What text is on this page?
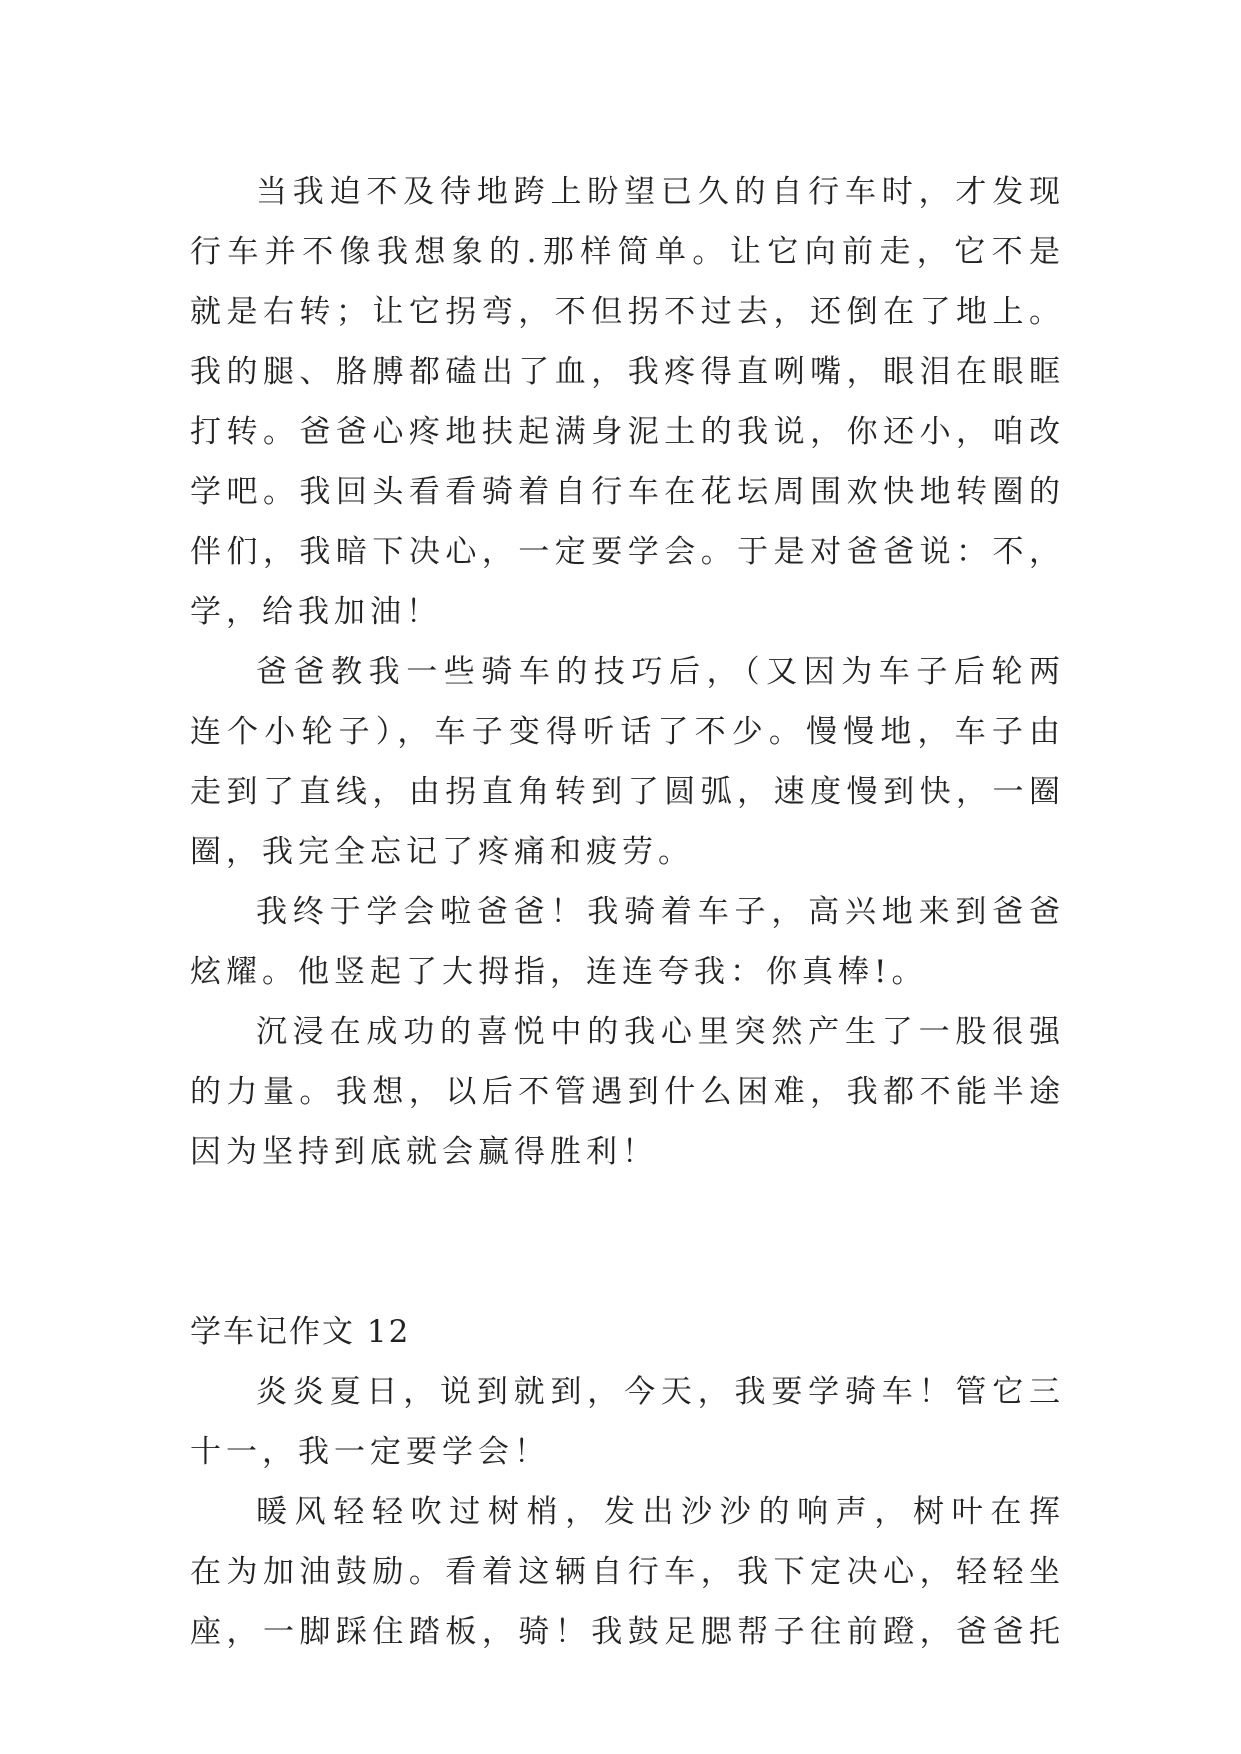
当我迫不及待地跨上盼望已久的自行车时，才发现
行车并不像我想象的.那样简单。让它向前走，它不是
就是右转；让它拐弯，不但拐不过去，还倒在了地上。
我的腿、胳膊都磕出了血，我疼得直咧嘴，眼泪在眼眶
打转。爸爸心疼地扶起满身泥土的我说，你还小，咱改
学吧。我回头看看骑着自行车在花坛周围欢快地转圈的
伴们，我暗下决心，一定要学会。于是对爸爸说：不，
学，给我加油！
爸爸教我一些骑车的技巧后，（又因为车子后轮两
连个小轮子），车子变得听话了不少。慢慢地，车子由
走到了直线，由拐直角转到了圆弧，速度慢到快，一圈
圈，我完全忘记了疼痛和疲劳。
我终于学会啦爸爸！我骑着车子，高兴地来到爸爸
炫耀。他竖起了大拇指，连连夸我：你真棒!。
沉浸在成功的喜悦中的我心里突然产生了一股很强
的力量。我想，以后不管遇到什么困难，我都不能半途
因为坚持到底就会赢得胜利！
学车记作文 12
炎炎夏日，说到就到，今天，我要学骑车！管它三
十一，我一定要学会！
暖风轻轻吹过树梢，发出沙沙的响声，树叶在挥
在为加油鼓励。看着这辆自行车，我下定决心，轻轻坐
座，一脚踩住踏板，骑！我鼓足腮帮子往前蹬，爸爸托
